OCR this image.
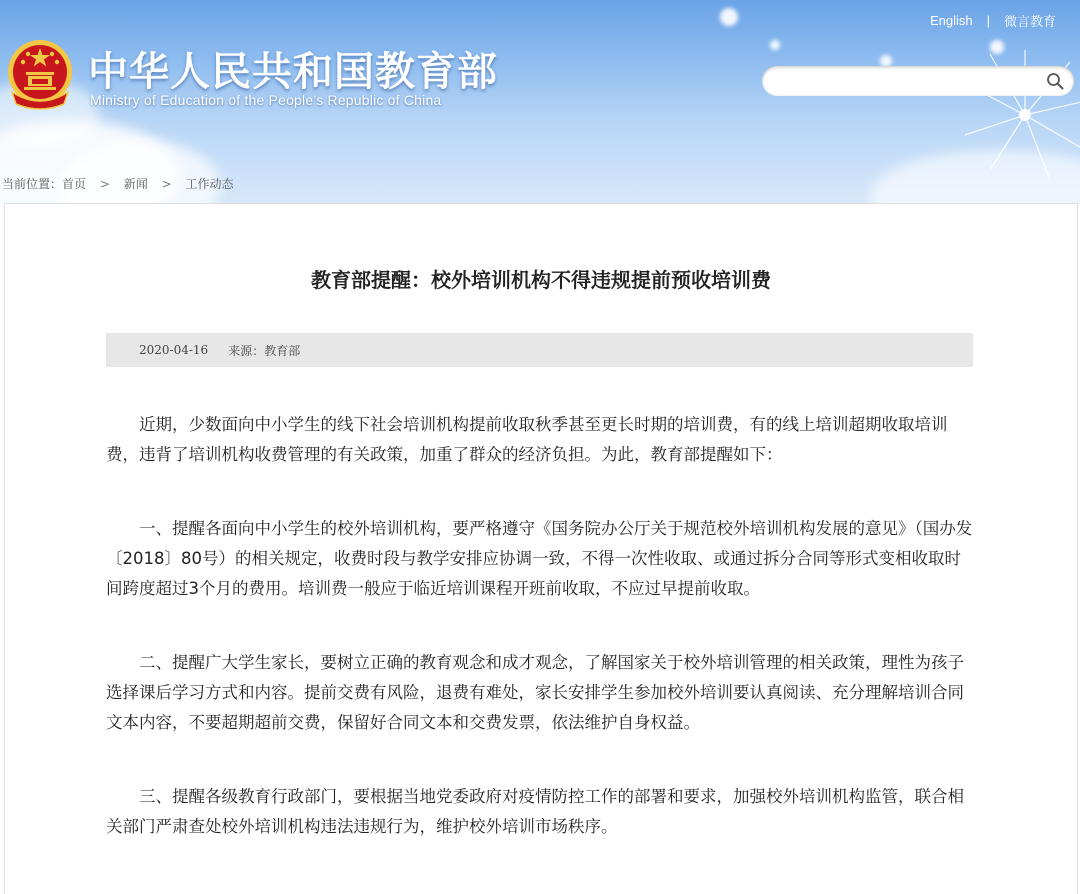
中华人民共和国教育部
Ministry of Education of the People's Republic of China
English | 微言教育
当前位置：首页 > 新闻 > 工作动态
教育部提醒：校外培训机构不得违规提前预收培训费
2020-04-16 来源：教育部

近期，少数面向中小学生的线下社会培训机构提前收取秋季甚至更长时期的培训费，有的线上培训超期收取培训费，违背了培训机构收费管理的有关政策，加重了群众的经济负担。为此，教育部提醒如下：

一、提醒各面向中小学生的校外培训机构，要严格遵守《国务院办公厅关于规范校外培训机构发展的意见》（国办发〔2018〕80号）的相关规定，收费时段与教学安排应协调一致，不得一次性收取、或通过拆分合同等形式变相收取时间跨度超过3个月的费用。培训费一般应于临近培训课程开班前收取，不应过早提前收取。

二、提醒广大学生家长，要树立正确的教育观念和成才观念，了解国家关于校外培训管理的相关政策，理性为孩子选择课后学习方式和内容。提前交费有风险，退费有难处，家长安排学生参加校外培训要认真阅读、充分理解培训合同文本内容，不要超期超前交费，保留好合同文本和交费发票，依法维护自身权益。

三、提醒各级教育行政部门，要根据当地党委政府对疫情防控工作的部署和要求，加强校外培训机构监管，联合相关部门严肃查处校外培训机构违法违规行为，维护校外培训市场秩序。
